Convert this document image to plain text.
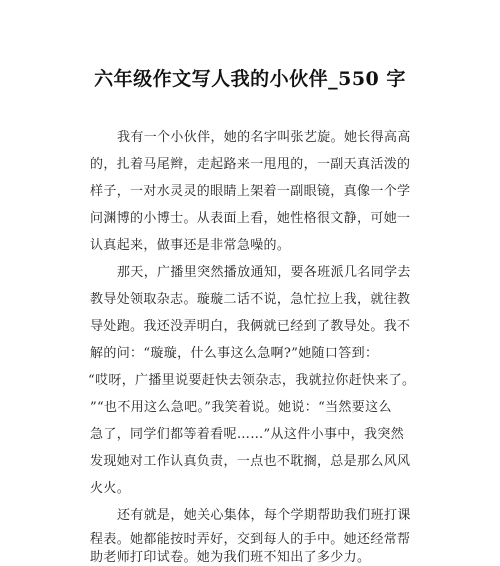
六年级作文写人我的小伙伴_550 字
我有一个小伙伴，她的名字叫张艺旋。她长得高高
的，扎着马尾辫，走起路来一甩甩的，一副天真活泼的
样子，一对水灵灵的眼睛上架着一副眼镜，真像一个学
问渊博的小博士。从表面上看，她性格很文静，可她一
认真起来，做事还是非常急噪的。
那天，广播里突然播放通知，要各班派几名同学去
教导处领取杂志。璇璇二话不说，急忙拉上我，就往教
导处跑。我还没弄明白，我俩就已经到了教导处。我不
解的问：“璇璇，什么事这么急啊?”她随口答到：
“哎呀，广播里说要赶快去领杂志，我就拉你赶快来了。
”“也不用这么急吧。”我笑着说。她说：“当然要这么
急了，同学们都等着看呢……”从这件小事中，我突然
发现她对工作认真负责，一点也不耽搁，总是那么风风
火火。
还有就是，她关心集体，每个学期帮助我们班打课
程表。她都能按时弄好，交到每人的手中。她还经常帮
助老师打印试卷。她为我们班不知出了多少力。
